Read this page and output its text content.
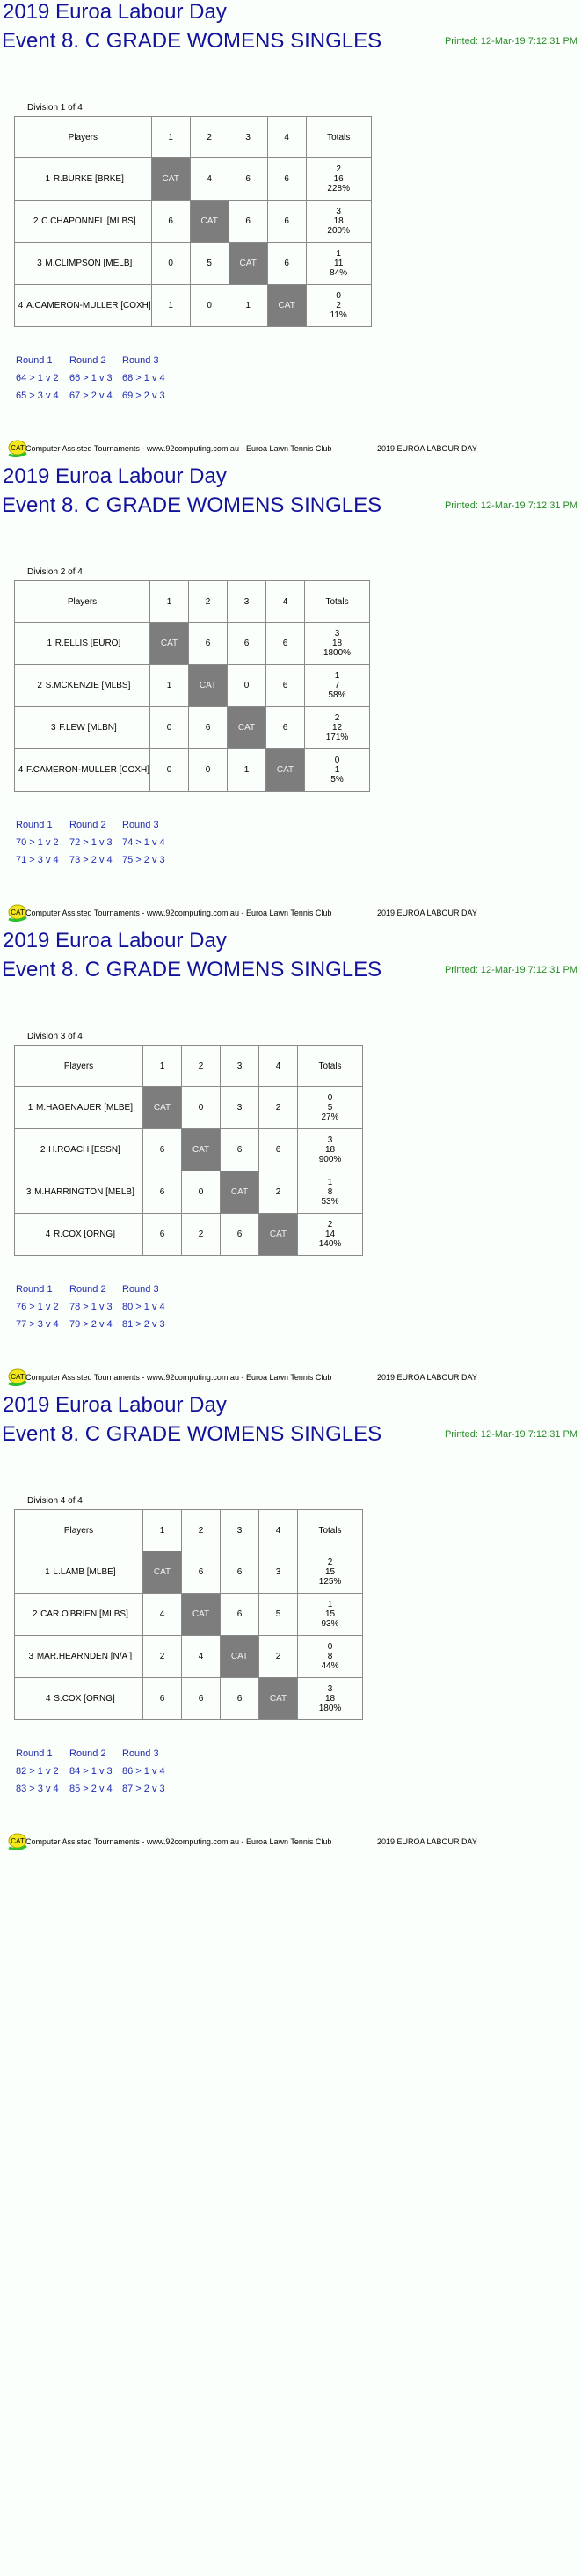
2019 Euroa Labour Day
Event 8. C GRADE WOMENS SINGLES	Printed: 12-Mar-19 7:12:31 PM
Division 1 of 4
Players	1	2	3	4	Totals
1 R.BURKE [BRKE]	CAT	4	6	6	2
16
228%

2 C.CHAPONNEL [MLBS]	6	CAT	6	6	3
18
200%

3 M.CLIMPSON [MELB]	0	5	CAT	6	1
11
84%

4 A.CAMERON-MULLER [COXH]	1	0	1	CAT	0
2
11%
Round 1
64 > 1 v 2
65 > 3 v 4
Round 2
66 > 1 v 3
67 > 2 v 4
Round 3
68 > 1 v 4
69 > 2 v 3
CAT Computer Assisted Tournaments - www.92computing.com.au - Euroa Lawn Tennis Club	2019 EUROA LABOUR DAY
2019 Euroa Labour Day
Event 8. C GRADE WOMENS SINGLES	Printed: 12-Mar-19 7:12:31 PM
Division 2 of 4
Players	1	2	3	4	Totals
1 R.ELLIS [EURO]	CAT	6	6	6	3
18
1800%

2 S.MCKENZIE [MLBS]	1	CAT	0	6	1
7
58%

3 F.LEW [MLBN]	0	6	CAT	6	2
12
171%

4 F.CAMERON-MULLER [COXH]	0	0	1	CAT	0
1
5%
Round 1
70 > 1 v 2
71 > 3 v 4
Round 2
72 > 1 v 3
73 > 2 v 4
Round 3
74 > 1 v 4
75 > 2 v 3
CAT Computer Assisted Tournaments - www.92computing.com.au - Euroa Lawn Tennis Club	2019 EUROA LABOUR DAY
2019 Euroa Labour Day
Event 8. C GRADE WOMENS SINGLES	Printed: 12-Mar-19 7:12:31 PM
Division 3 of 4
Players	1	2	3	4	Totals
1 M.HAGENAUER [MLBE]	CAT	0	3	2	0
5
27%

2 H.ROACH [ESSN]	6	CAT	6	6	3
18
900%

3 M.HARRINGTON [MELB]	6	0	CAT	2	1
8
53%

4 R.COX [ORNG]	6	2	6	CAT	2
14
140%
Round 1
76 > 1 v 2
77 > 3 v 4
Round 2
78 > 1 v 3
79 > 2 v 4
Round 3
80 > 1 v 4
81 > 2 v 3
CAT Computer Assisted Tournaments - www.92computing.com.au - Euroa Lawn Tennis Club	2019 EUROA LABOUR DAY
2019 Euroa Labour Day
Event 8. C GRADE WOMENS SINGLES	Printed: 12-Mar-19 7:12:31 PM
Division 4 of 4
Players	1	2	3	4	Totals
1 L.LAMB [MLBE]	CAT	6	6	3	2
15
125%

2 CAR.O'BRIEN [MLBS]	4	CAT	6	5	1
15
93%

3 MAR.HEARNDEN [N/A ]	2	4	CAT	2	0
8
44%

4 S.COX [ORNG]	6	6	6	CAT	3
18
180%
Round 1
82 > 1 v 2
83 > 3 v 4
Round 2
84 > 1 v 3
85 > 2 v 4
Round 3
86 > 1 v 4
87 > 2 v 3
CAT Computer Assisted Tournaments - www.92computing.com.au - Euroa Lawn Tennis Club	2019 EUROA LABOUR DAY
